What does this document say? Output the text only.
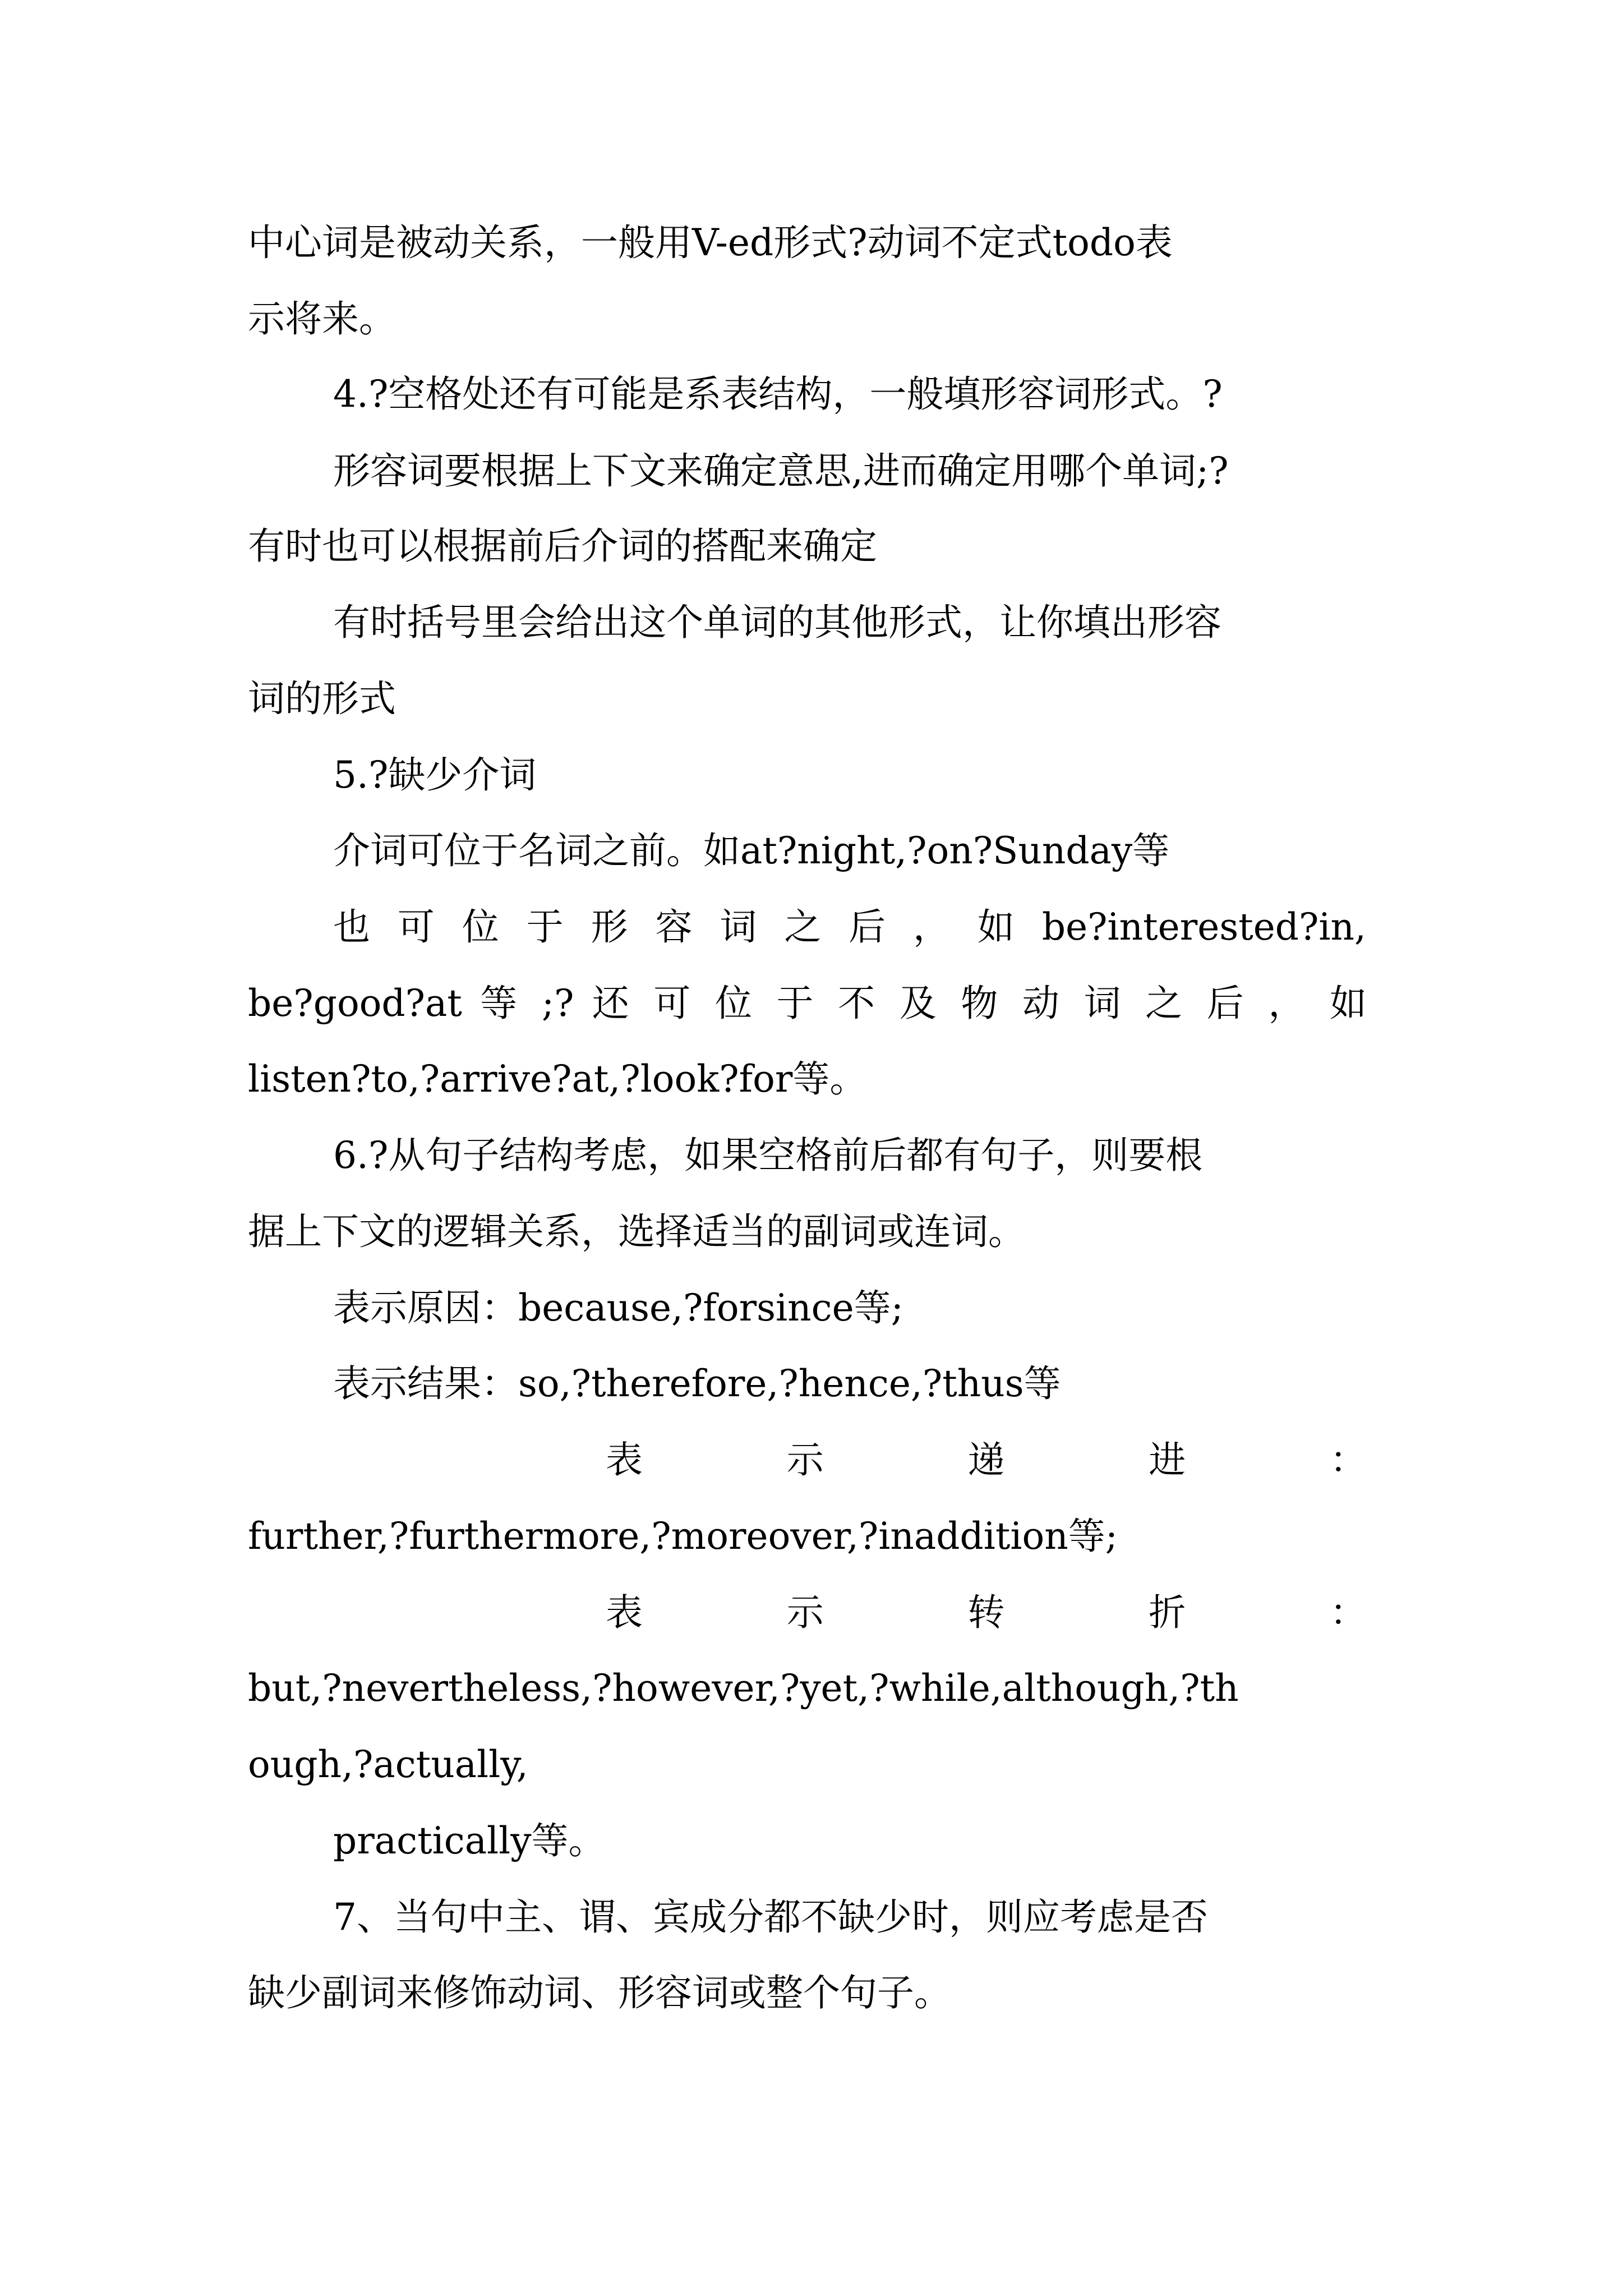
中心词是被动关系，一般用V-ed形式?动词不定式todo表

示将来。

4.?空格处还有可能是系表结构，一般填形容词形式。?

形容词要根据上下文来确定意思,进而确定用哪个单词;?

有时也可以根据前后介词的搭配来确定

有时括号里会给出这个单词的其他形式，让你填出形容

词的形式

5.?缺少介词

介词可位于名词之前。如at?night,?on?Sunday等

也 可 位 于 形 容 词 之 后 ， 如 be?interested?in,

be?good?at 等 ;? 还 可 位 于 不 及 物 动 词 之 后 ， 如

listen?to,?arrive?at,?look?for等。

6.?从句子结构考虑，如果空格前后都有句子，则要根

据上下文的逻辑关系，选择适当的副词或连词。

表示原因：because,?forsince等;

表示结果：so,?therefore,?hence,?thus等

表 示 递 进 ：

further,?furthermore,?moreover,?inaddition等;

表 示 转 折 ：

but,?nevertheless,?however,?yet,?while,although,?th

ough,?actually,

practically等。

7、当句中主、谓、宾成分都不缺少时，则应考虑是否

缺少副词来修饰动词、形容词或整个句子。
